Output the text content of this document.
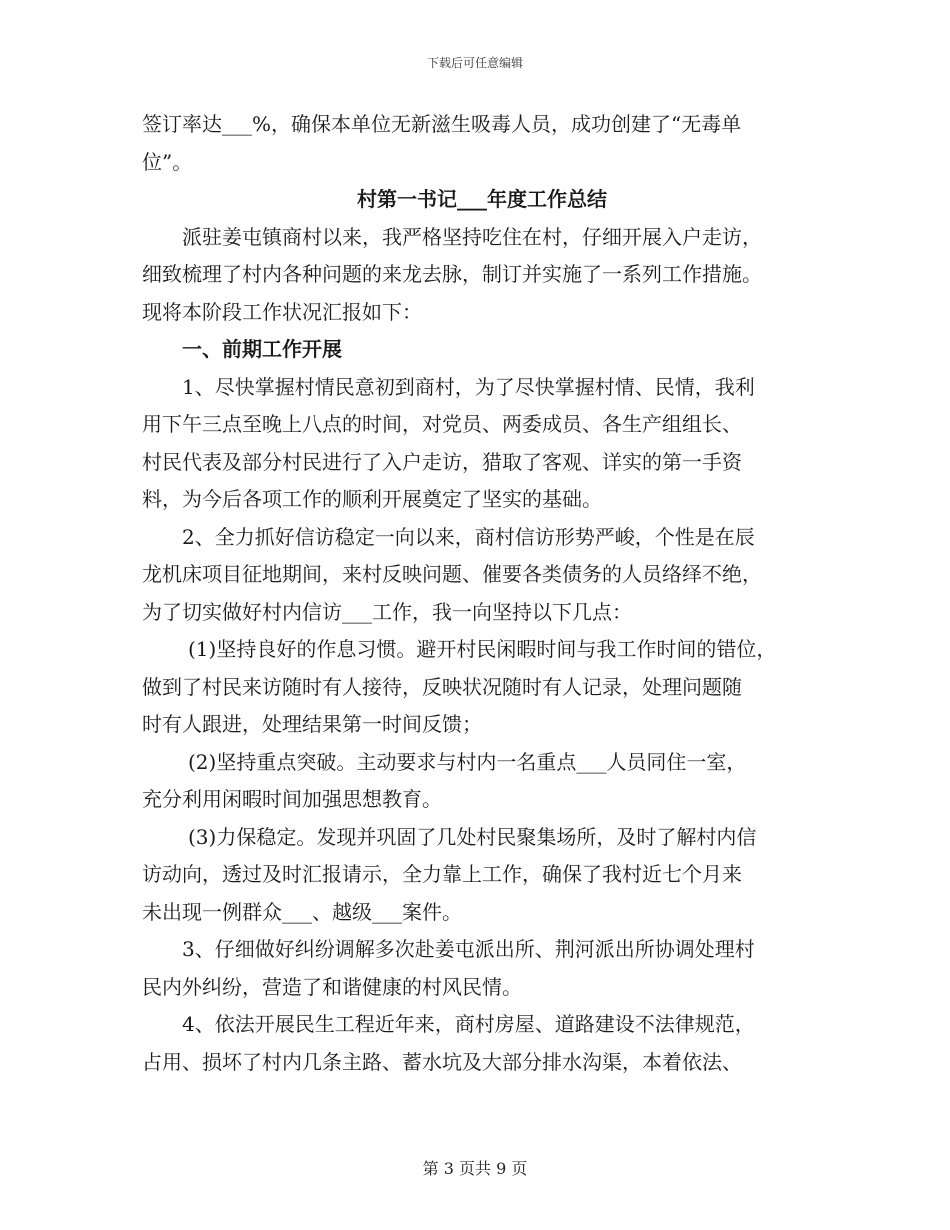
下载后可任意编辑
签订率达___%，确保本单位无新滋生吸毒人员，成功创建了“无毒单
位”。
村第一书记___年度工作总结
派驻姜屯镇商村以来，我严格坚持吃住在村，仔细开展入户走访，
细致梳理了村内各种问题的来龙去脉，制订并实施了一系列工作措施。
现将本阶段工作状况汇报如下：
一、前期工作开展
1、尽快掌握村情民意初到商村，为了尽快掌握村情、民情，我利
用下午三点至晚上八点的时间，对党员、两委成员、各生产组组长、
村民代表及部分村民进行了入户走访，猎取了客观、详实的第一手资
料，为今后各项工作的顺利开展奠定了坚实的基础。
2、全力抓好信访稳定一向以来，商村信访形势严峻，个性是在辰
龙机床项目征地期间，来村反映问题、催要各类债务的人员络绎不绝，
为了切实做好村内信访___工作，我一向坚持以下几点：
(1)坚持良好的作息习惯。避开村民闲暇时间与我工作时间的错位，
做到了村民来访随时有人接待，反映状况随时有人记录，处理问题随
时有人跟进，处理结果第一时间反馈；
(2)坚持重点突破。主动要求与村内一名重点___人员同住一室，
充分利用闲暇时间加强思想教育。
(3)力保稳定。发现并巩固了几处村民聚集场所，及时了解村内信
访动向，透过及时汇报请示，全力靠上工作，确保了我村近七个月来
未出现一例群众___、越级___案件。
3、仔细做好纠纷调解多次赴姜屯派出所、荆河派出所协调处理村
民内外纠纷，营造了和谐健康的村风民情。
4、依法开展民生工程近年来，商村房屋、道路建设不法律规范，
占用、损坏了村内几条主路、蓄水坑及大部分排水沟渠，本着依法、
第 3 页共 9 页
